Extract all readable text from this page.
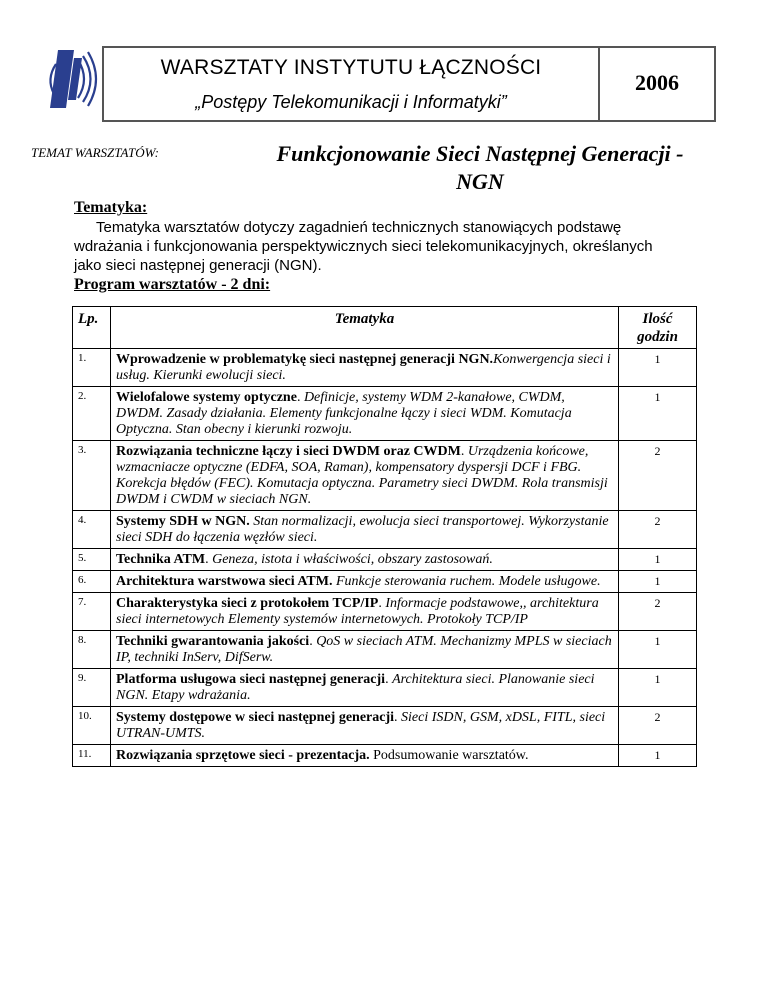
WARSZTATY INSTYTUTU ŁĄCZNOŚCI
„Postępy Telekomunikacji i Informatyki”
2006
TEMAT WARSZTATÓW:	Funkcjonowanie Sieci Następnej Generacji -
NGN
Tematyka:
Tematyka warsztatów dotyczy zagadnień technicznych stanowiących podstawę wdrażania i funkcjonowania perspektywicznych sieci telekomunikacyjnych, określanych jako sieci następnej generacji (NGN).
Program warsztatów - 2 dni:
Lp.	Tematyka	Ilość
godzin

1.	Wprowadzenie w problematykę sieci następnej generacji NGN.Konwergencja sieci i usług. Kierunki ewolucji sieci.	1
2.	Wielofalowe systemy optyczne. Definicje, systemy WDM 2-kanałowe, CWDM, DWDM. Zasady działania. Elementy funkcjonalne łączy i sieci WDM. Komutacja Optyczna. Stan obecny i kierunki rozwoju.	1
3.	Rozwiązania techniczne łączy i sieci DWDM oraz CWDM. Urządzenia końcowe, wzmacniacze optyczne (EDFA, SOA, Raman), kompensatory dyspersji DCF i FBG. Korekcja błędów (FEC). Komutacja optyczna. Parametry sieci DWDM. Rola transmisji DWDM i CWDM w sieciach NGN.	2
4.	Systemy SDH w NGN. Stan normalizacji, ewolucja sieci transportowej. Wykorzystanie sieci SDH do łączenia węzłów sieci.	2
5.	Technika ATM. Geneza, istota i właściwości, obszary zastosowań.	1
6.	Architektura warstwowa sieci ATM. Funkcje sterowania ruchem. Modele usługowe.	1
7.	Charakterystyka sieci z protokołem TCP/IP. Informacje podstawowe,, architektura sieci internetowych Elementy systemów internetowych. Protokoły TCP/IP	2
8.	Techniki gwarantowania jakości. QoS w sieciach ATM. Mechanizmy MPLS w sieciach IP, techniki InServ, DifSerw.	1
9.	Platforma usługowa sieci następnej generacji. Architektura sieci. Planowanie sieci NGN. Etapy wdrażania.	1
10.	Systemy dostępowe w sieci następnej generacji. Sieci ISDN, GSM, xDSL, FITL, sieci UTRAN-UMTS.	2
11.	Rozwiązania sprzętowe sieci - prezentacja. Podsumowanie warsztatów.	1
